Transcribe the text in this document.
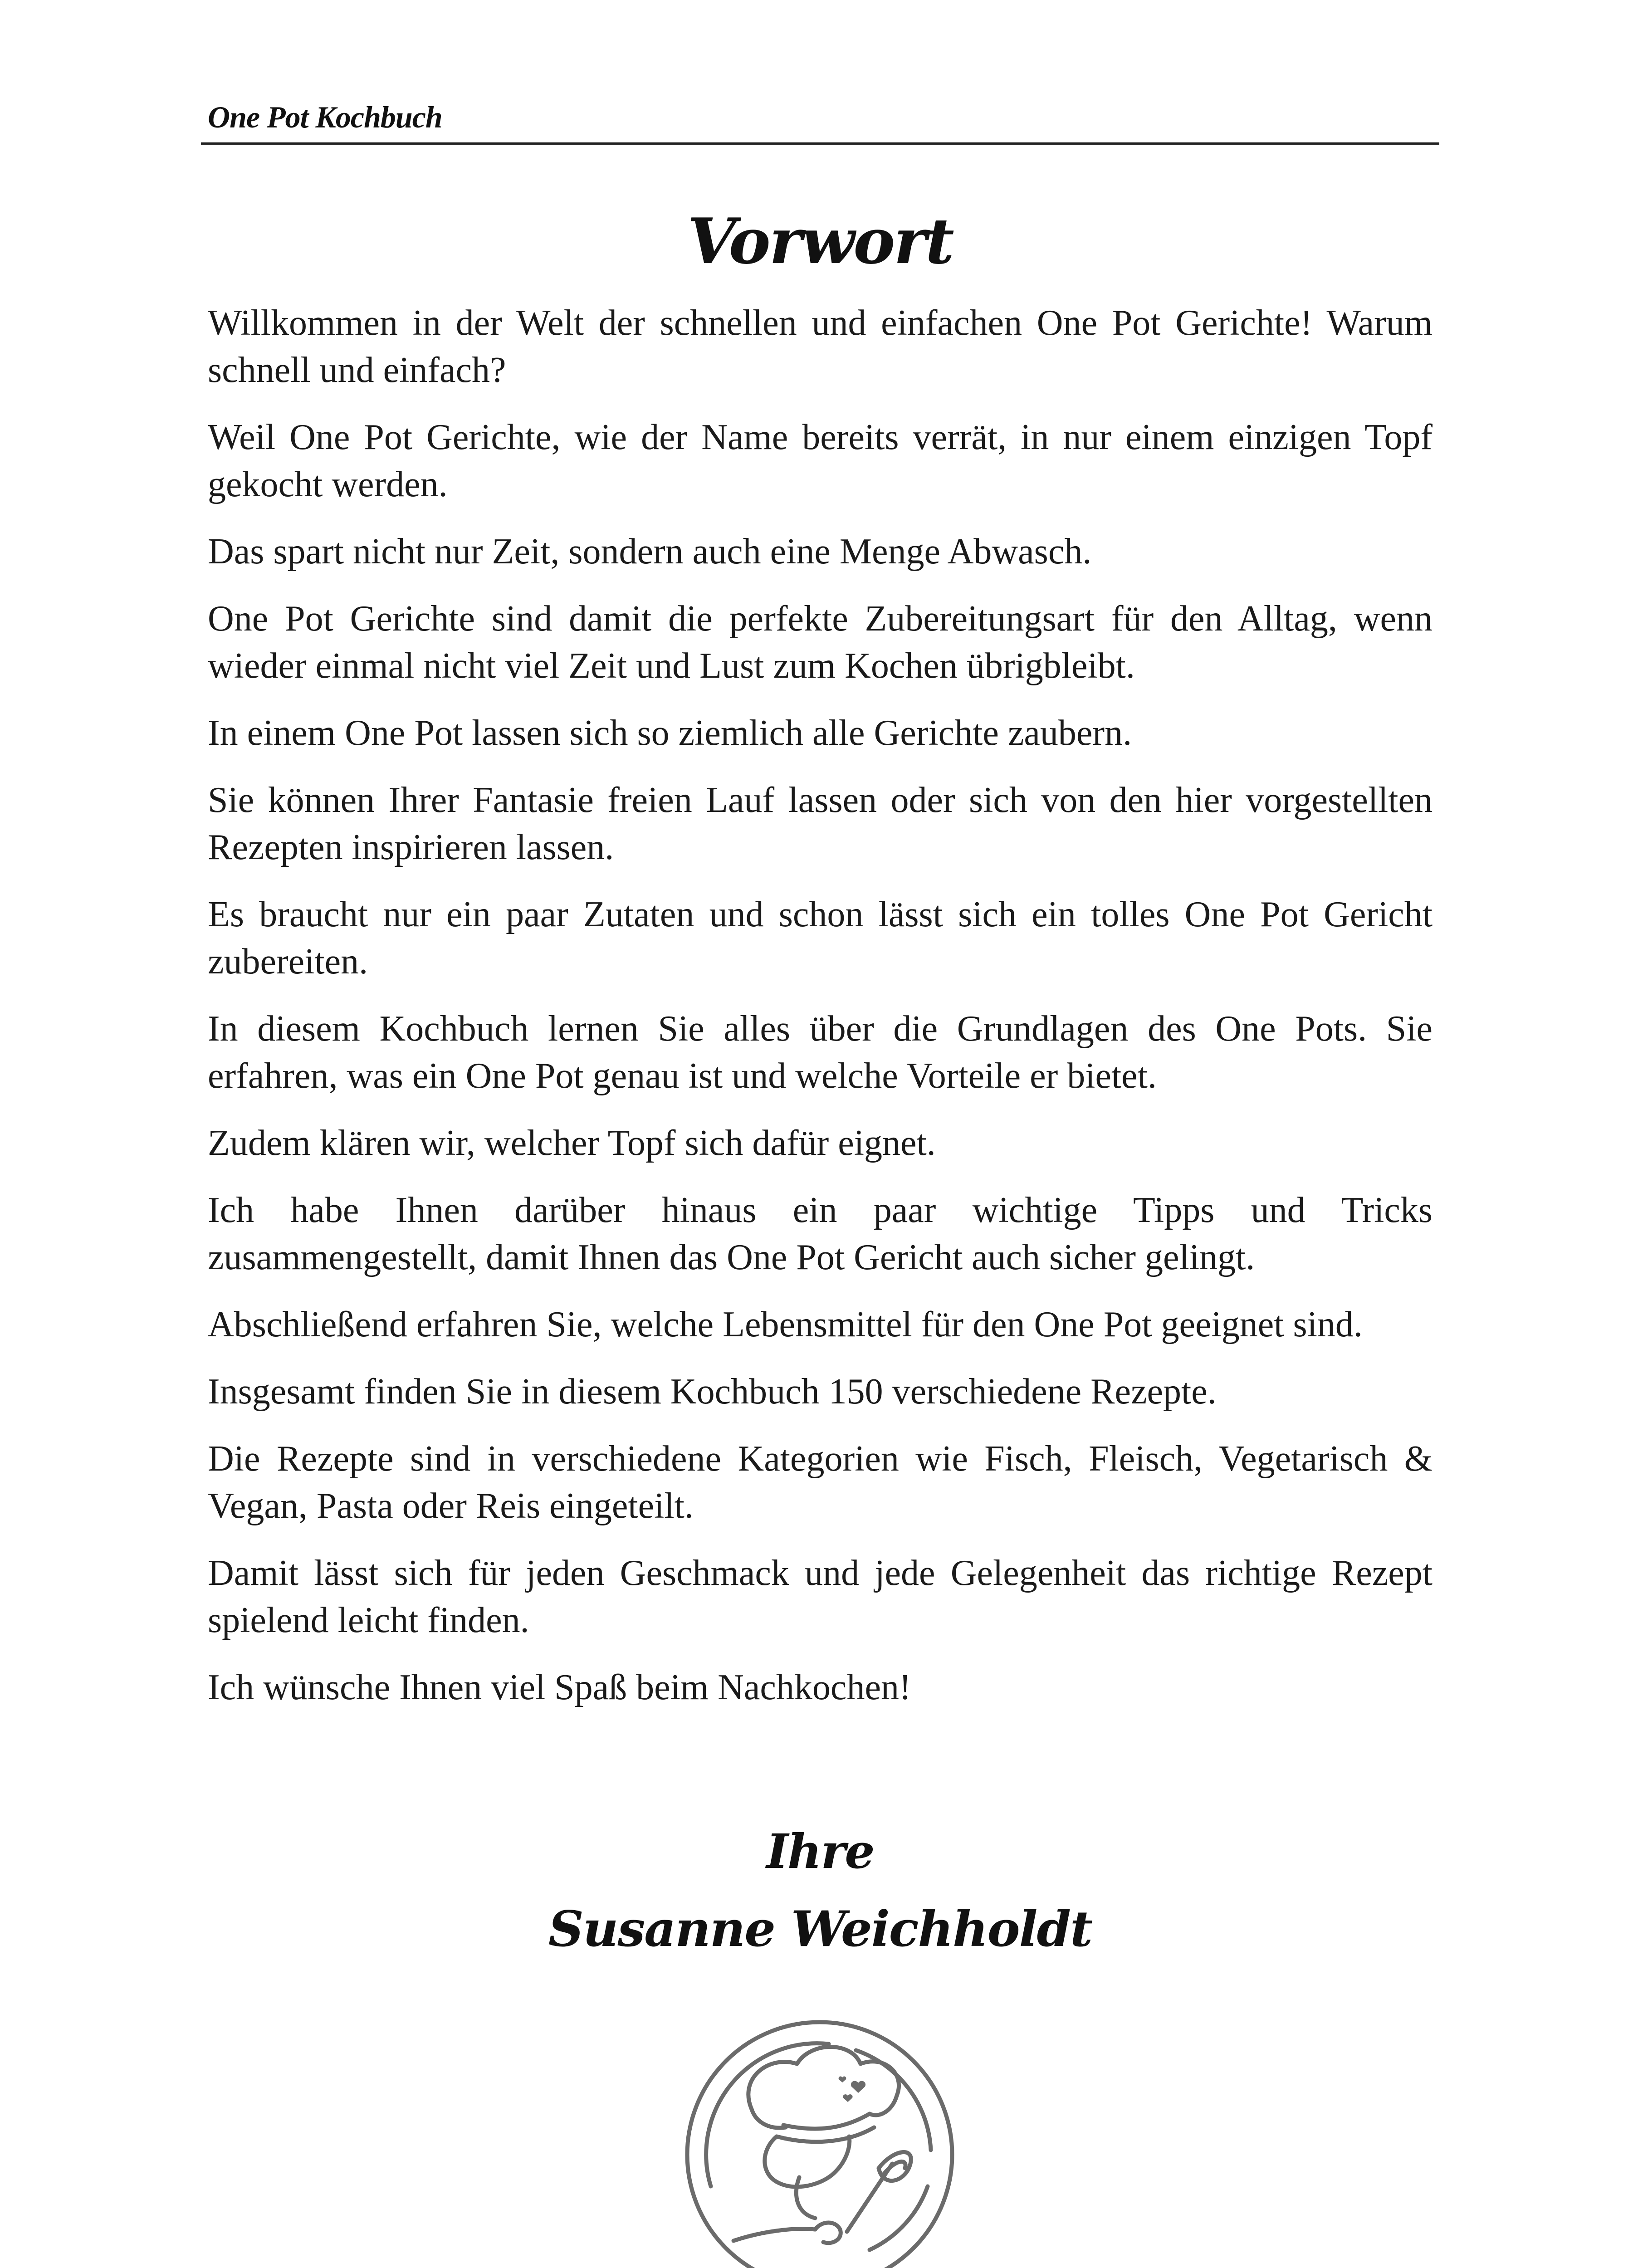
One Pot Kochbuch
Vorwort

Willkommen in der Welt der schnellen und einfachen One Pot Gerichte! Warum schnell und einfach?

Weil One Pot Gerichte, wie der Name bereits verrät, in nur einem einzigen Topf gekocht werden.

Das spart nicht nur Zeit, sondern auch eine Menge Abwasch.

One Pot Gerichte sind damit die perfekte Zubereitungsart für den Alltag, wenn wieder einmal nicht viel Zeit und Lust zum Kochen übrigbleibt.

In einem One Pot lassen sich so ziemlich alle Gerichte zaubern.

Sie können Ihrer Fantasie freien Lauf lassen oder sich von den hier vorgestellten Rezepten inspirieren lassen.

Es braucht nur ein paar Zutaten und schon lässt sich ein tolles One Pot Gericht zubereiten.

In diesem Kochbuch lernen Sie alles über die Grundlagen des One Pots. Sie erfahren, was ein One Pot genau ist und welche Vorteile er bietet.

Zudem klären wir, welcher Topf sich dafür eignet.

Ich habe Ihnen darüber hinaus ein paar wichtige Tipps und Tricks zusammengestellt, damit Ihnen das One Pot Gericht auch sicher gelingt.

Abschließend erfahren Sie, welche Lebensmittel für den One Pot geeignet sind.

Insgesamt finden Sie in diesem Kochbuch 150 verschiedene Rezepte.

Die Rezepte sind in verschiedene Kategorien wie Fisch, Fleisch, Vegetarisch & Vegan, Pasta oder Reis eingeteilt.

Damit lässt sich für jeden Geschmack und jede Gelegenheit das richtige Rezept spielend leicht finden.

Ich wünsche Ihnen viel Spaß beim Nachkochen!

Ihre
Susanne Weichholdt
